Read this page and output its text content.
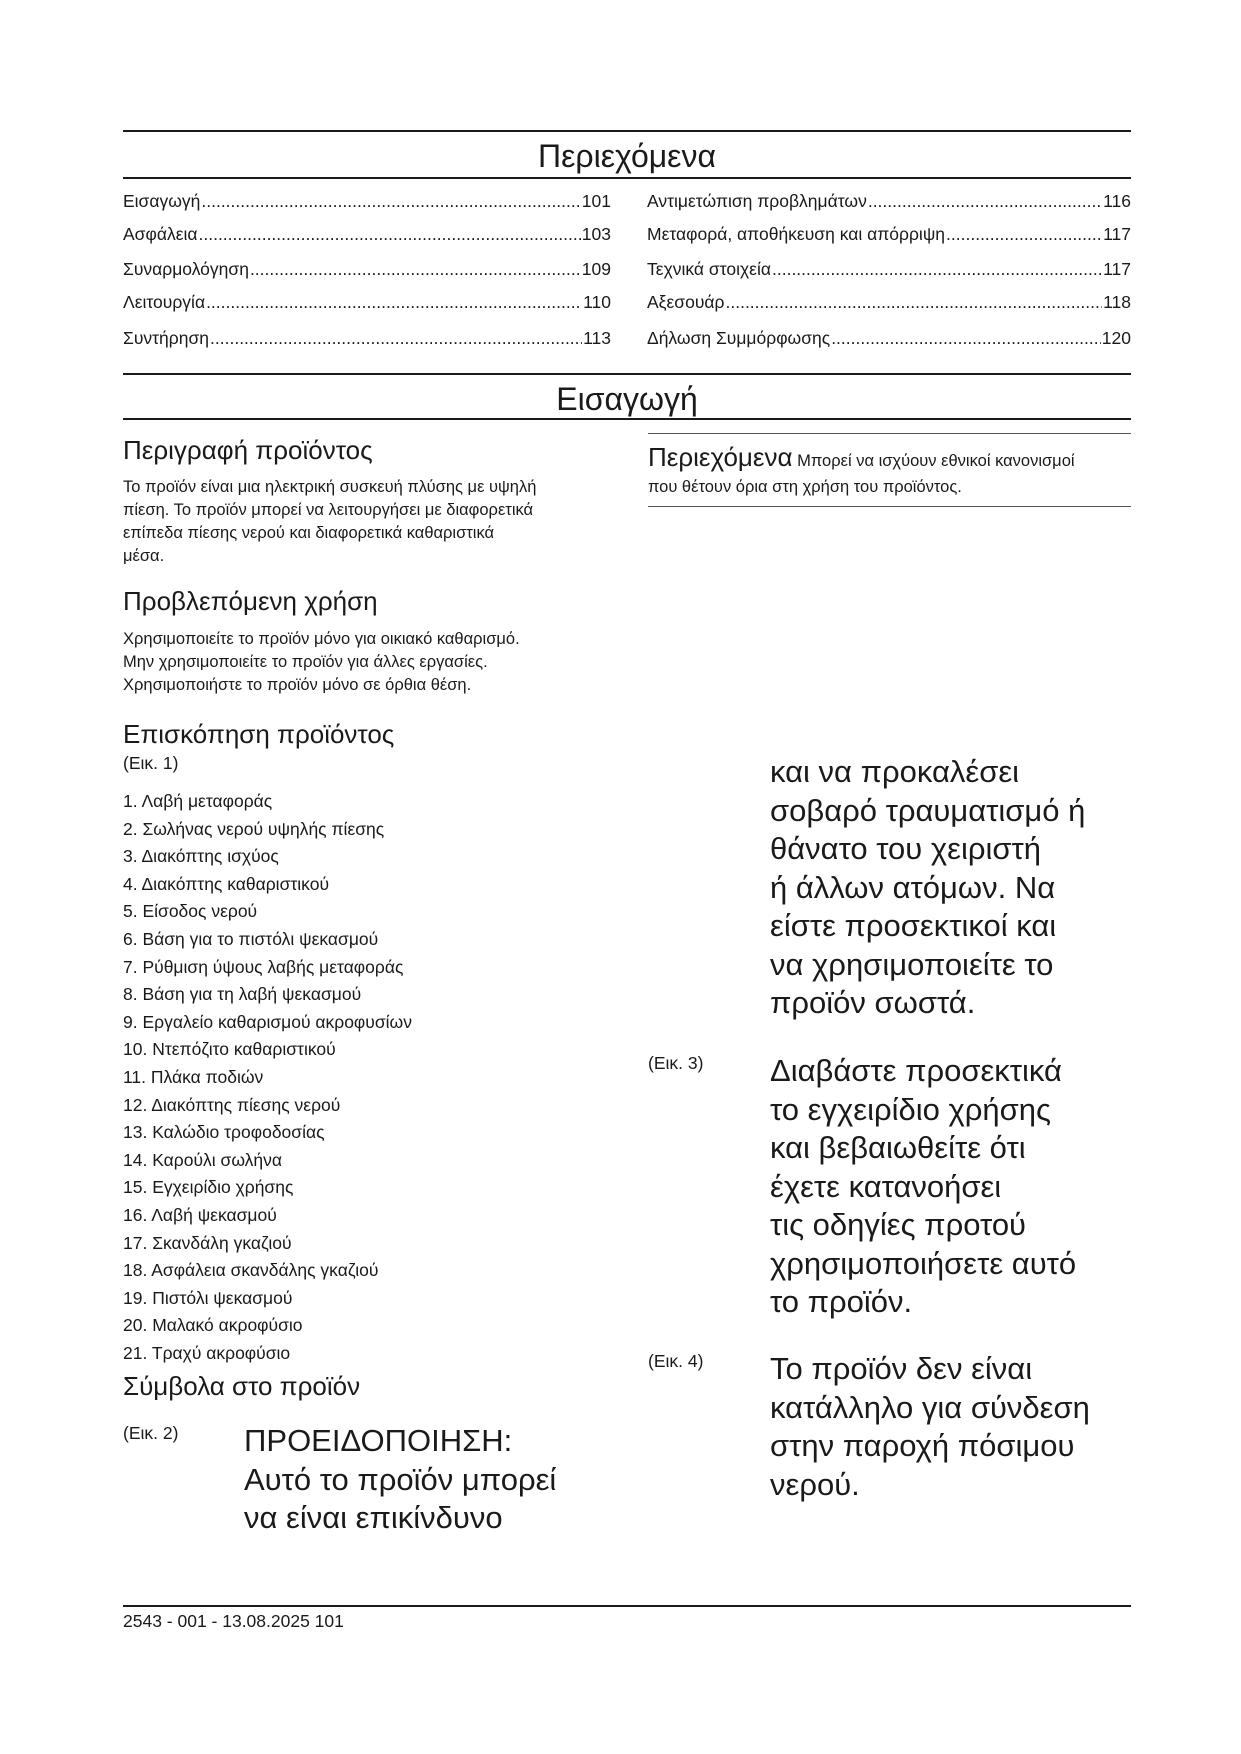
Περιεχόμενα
Εισαγωγή .....	101
Ασφάλεια .....	103
Συναρμολόγηση .....	109
Λειτουργία .....	110
Συντήρηση .....	113
Αντιμετώπιση προβλημάτων .....	116
Μεταφορά, αποθήκευση και απόρριψη .....	117
Τεχνικά στοιχεία .....	117
Αξεσουάρ .....	118
Δήλωση Συμμόρφωσης .....	120
Εισαγωγή
Περιγραφή προϊόντος
Το προϊόν είναι μια ηλεκτρική συσκευή πλύσης με υψηλή
πίεση. Το προϊόν μπορεί να λειτουργήσει με διαφορετικά
επίπεδα πίεσης νερού και διαφορετικά καθαριστικά
μέσα.
Προβλεπόμενη χρήση
Χρησιμοποιείτε το προϊόν μόνο για οικιακό καθαρισμό.
Μην χρησιμοποιείτε το προϊόν για άλλες εργασίες.
Χρησιμοποιήστε το προϊόν μόνο σε όρθια θέση.
Επισκόπηση προϊόντος
(Εικ. 1)
1. Λαβή μεταφοράς
2. Σωλήνας νερού υψηλής πίεσης
3. Διακόπτης ισχύος
4. Διακόπτης καθαριστικού
5. Είσοδος νερού
6. Βάση για το πιστόλι ψεκασμού
7. Ρύθμιση ύψους λαβής μεταφοράς
8. Βάση για τη λαβή ψεκασμού
9. Εργαλείο καθαρισμού ακροφυσίων
10. Ντεπόζιτο καθαριστικού
11. Πλάκα ποδιών
12. Διακόπτης πίεσης νερού
13. Καλώδιο τροφοδοσίας
14. Καρούλι σωλήνα
15. Εγχειρίδιο χρήσης
16. Λαβή ψεκασμού
17. Σκανδάλη γκαζιού
18. Ασφάλεια σκανδάλης γκαζιού
19. Πιστόλι ψεκασμού
20. Μαλακό ακροφύσιο
21. Τραχύ ακροφύσιο
Σύμβολα στο προϊόν
(Εικ. 2) ΠΡΟΕΙΔΟΠΟΙΗΣΗ:
Αυτό το προϊόν μπορεί
να είναι επικίνδυνο
Περιεχόμενα Μπορεί να ισχύουν εθνικοί κανονισμοί
που θέτουν όρια στη χρήση του προϊόντος.
και να προκαλέσει
σοβαρό τραυματισμό ή
θάνατο του χειριστή
ή άλλων ατόμων. Να
είστε προσεκτικοί και
να χρησιμοποιείτε το
προϊόν σωστά.
(Εικ. 3) Διαβάστε προσεκτικά
το εγχειρίδιο χρήσης
και βεβαιωθείτε ότι
έχετε κατανοήσει
τις οδηγίες προτού
χρησιμοποιήσετε αυτό
το προϊόν.
(Εικ. 4) Το προϊόν δεν είναι
κατάλληλο για σύνδεση
στην παροχή πόσιμου
νερού.
2543 - 001 - 13.08.2025 101
